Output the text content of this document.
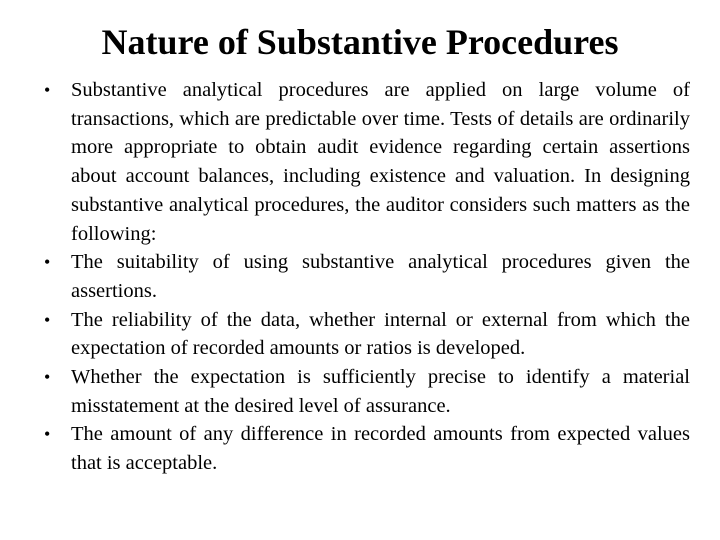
Nature of Substantive Procedures
•	Substantive analytical procedures are applied on large volume of transactions, which are predictable over time. Tests of details are ordinarily more appropriate to obtain audit evidence regarding certain assertions about account balances, including existence and valuation. In designing substantive analytical procedures, the auditor considers such matters as the following:
•	The suitability of using substantive analytical procedures given the assertions.
•	The reliability of the data, whether internal or external from which the expectation of recorded amounts or ratios is developed.
•	Whether the expectation is sufficiently precise to identify a material misstatement at the desired level of assurance.
•	The amount of any difference in recorded amounts from expected values that is acceptable.
